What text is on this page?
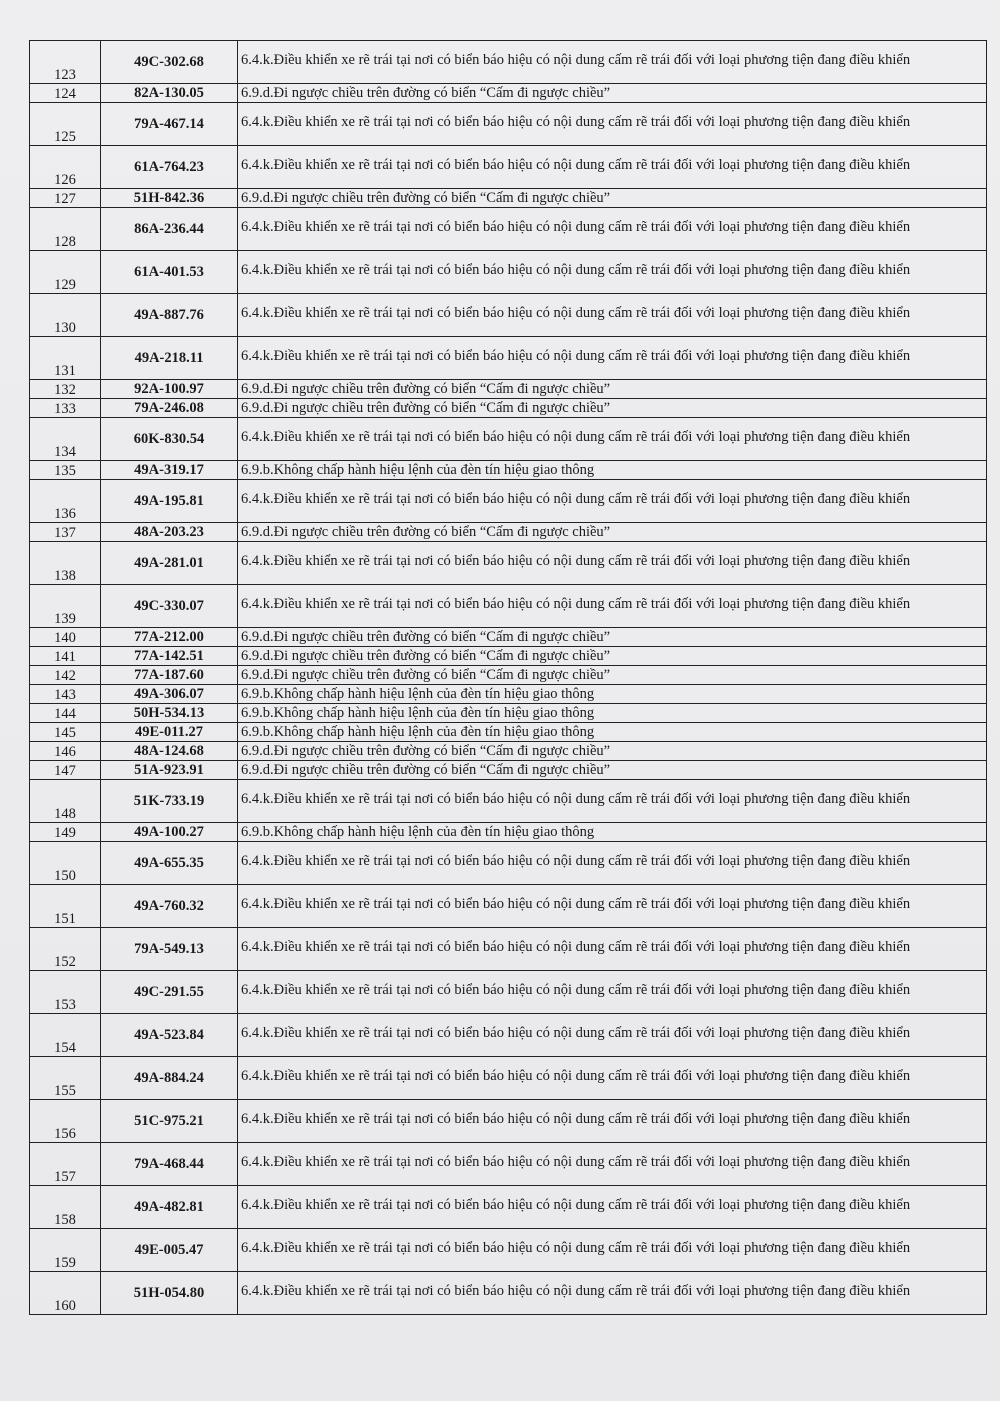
123	49C-302.68	6.4.k.Điều khiển xe rẽ trái tại nơi có biển báo hiệu có nội dung cấm rẽ trái đối với loại phương tiện đang điều khiển
124	82A-130.05	6.9.d.Đi ngược chiều trên đường có biển “Cấm đi ngược chiều”
125	79A-467.14	6.4.k.Điều khiển xe rẽ trái tại nơi có biển báo hiệu có nội dung cấm rẽ trái đối với loại phương tiện đang điều khiển
126	61A-764.23	6.4.k.Điều khiển xe rẽ trái tại nơi có biển báo hiệu có nội dung cấm rẽ trái đối với loại phương tiện đang điều khiển
127	51H-842.36	6.9.d.Đi ngược chiều trên đường có biển “Cấm đi ngược chiều”
128	86A-236.44	6.4.k.Điều khiển xe rẽ trái tại nơi có biển báo hiệu có nội dung cấm rẽ trái đối với loại phương tiện đang điều khiển
129	61A-401.53	6.4.k.Điều khiển xe rẽ trái tại nơi có biển báo hiệu có nội dung cấm rẽ trái đối với loại phương tiện đang điều khiển
130	49A-887.76	6.4.k.Điều khiển xe rẽ trái tại nơi có biển báo hiệu có nội dung cấm rẽ trái đối với loại phương tiện đang điều khiển
131	49A-218.11	6.4.k.Điều khiển xe rẽ trái tại nơi có biển báo hiệu có nội dung cấm rẽ trái đối với loại phương tiện đang điều khiển
132	92A-100.97	6.9.d.Đi ngược chiều trên đường có biển “Cấm đi ngược chiều”
133	79A-246.08	6.9.d.Đi ngược chiều trên đường có biển “Cấm đi ngược chiều”
134	60K-830.54	6.4.k.Điều khiển xe rẽ trái tại nơi có biển báo hiệu có nội dung cấm rẽ trái đối với loại phương tiện đang điều khiển
135	49A-319.17	6.9.b.Không chấp hành hiệu lệnh của đèn tín hiệu giao thông
136	49A-195.81	6.4.k.Điều khiển xe rẽ trái tại nơi có biển báo hiệu có nội dung cấm rẽ trái đối với loại phương tiện đang điều khiển
137	48A-203.23	6.9.d.Đi ngược chiều trên đường có biển “Cấm đi ngược chiều”
138	49A-281.01	6.4.k.Điều khiển xe rẽ trái tại nơi có biển báo hiệu có nội dung cấm rẽ trái đối với loại phương tiện đang điều khiển
139	49C-330.07	6.4.k.Điều khiển xe rẽ trái tại nơi có biển báo hiệu có nội dung cấm rẽ trái đối với loại phương tiện đang điều khiển
140	77A-212.00	6.9.d.Đi ngược chiều trên đường có biển “Cấm đi ngược chiều”
141	77A-142.51	6.9.d.Đi ngược chiều trên đường có biển “Cấm đi ngược chiều”
142	77A-187.60	6.9.d.Đi ngược chiều trên đường có biển “Cấm đi ngược chiều”
143	49A-306.07	6.9.b.Không chấp hành hiệu lệnh của đèn tín hiệu giao thông
144	50H-534.13	6.9.b.Không chấp hành hiệu lệnh của đèn tín hiệu giao thông
145	49E-011.27	6.9.b.Không chấp hành hiệu lệnh của đèn tín hiệu giao thông
146	48A-124.68	6.9.d.Đi ngược chiều trên đường có biển “Cấm đi ngược chiều”
147	51A-923.91	6.9.d.Đi ngược chiều trên đường có biển “Cấm đi ngược chiều”
148	51K-733.19	6.4.k.Điều khiển xe rẽ trái tại nơi có biển báo hiệu có nội dung cấm rẽ trái đối với loại phương tiện đang điều khiển
149	49A-100.27	6.9.b.Không chấp hành hiệu lệnh của đèn tín hiệu giao thông
150	49A-655.35	6.4.k.Điều khiển xe rẽ trái tại nơi có biển báo hiệu có nội dung cấm rẽ trái đối với loại phương tiện đang điều khiển
151	49A-760.32	6.4.k.Điều khiển xe rẽ trái tại nơi có biển báo hiệu có nội dung cấm rẽ trái đối với loại phương tiện đang điều khiển
152	79A-549.13	6.4.k.Điều khiển xe rẽ trái tại nơi có biển báo hiệu có nội dung cấm rẽ trái đối với loại phương tiện đang điều khiển
153	49C-291.55	6.4.k.Điều khiển xe rẽ trái tại nơi có biển báo hiệu có nội dung cấm rẽ trái đối với loại phương tiện đang điều khiển
154	49A-523.84	6.4.k.Điều khiển xe rẽ trái tại nơi có biển báo hiệu có nội dung cấm rẽ trái đối với loại phương tiện đang điều khiển
155	49A-884.24	6.4.k.Điều khiển xe rẽ trái tại nơi có biển báo hiệu có nội dung cấm rẽ trái đối với loại phương tiện đang điều khiển
156	51C-975.21	6.4.k.Điều khiển xe rẽ trái tại nơi có biển báo hiệu có nội dung cấm rẽ trái đối với loại phương tiện đang điều khiển
157	79A-468.44	6.4.k.Điều khiển xe rẽ trái tại nơi có biển báo hiệu có nội dung cấm rẽ trái đối với loại phương tiện đang điều khiển
158	49A-482.81	6.4.k.Điều khiển xe rẽ trái tại nơi có biển báo hiệu có nội dung cấm rẽ trái đối với loại phương tiện đang điều khiển
159	49E-005.47	6.4.k.Điều khiển xe rẽ trái tại nơi có biển báo hiệu có nội dung cấm rẽ trái đối với loại phương tiện đang điều khiển
160	51H-054.80	6.4.k.Điều khiển xe rẽ trái tại nơi có biển báo hiệu có nội dung cấm rẽ trái đối với loại phương tiện đang điều khiển
